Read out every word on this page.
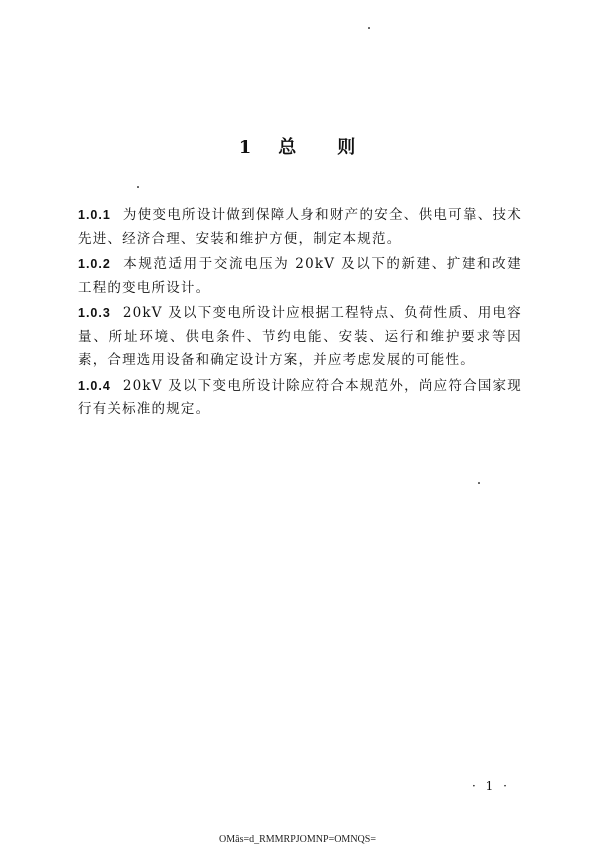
1 总 则

1.0.1 为使变电所设计做到保障人身和财产的安全、供电可靠、技术先进、经济合理、安装和维护方便，制定本规范。

1.0.2 本规范适用于交流电压为 20kV 及以下的新建、扩建和改建工程的变电所设计。

1.0.3 20kV 及以下变电所设计应根据工程特点、负荷性质、用电容量、所址环境、供电条件、节约电能、安装、运行和维护要求等因素，合理选用设备和确定设计方案，并应考虑发展的可能性。

1.0.4 20kV 及以下变电所设计除应符合本规范外，尚应符合国家现行有关标准的规定。

· 1 ·
OMâs=d_RMMRPJOMNP=OMNQS=
